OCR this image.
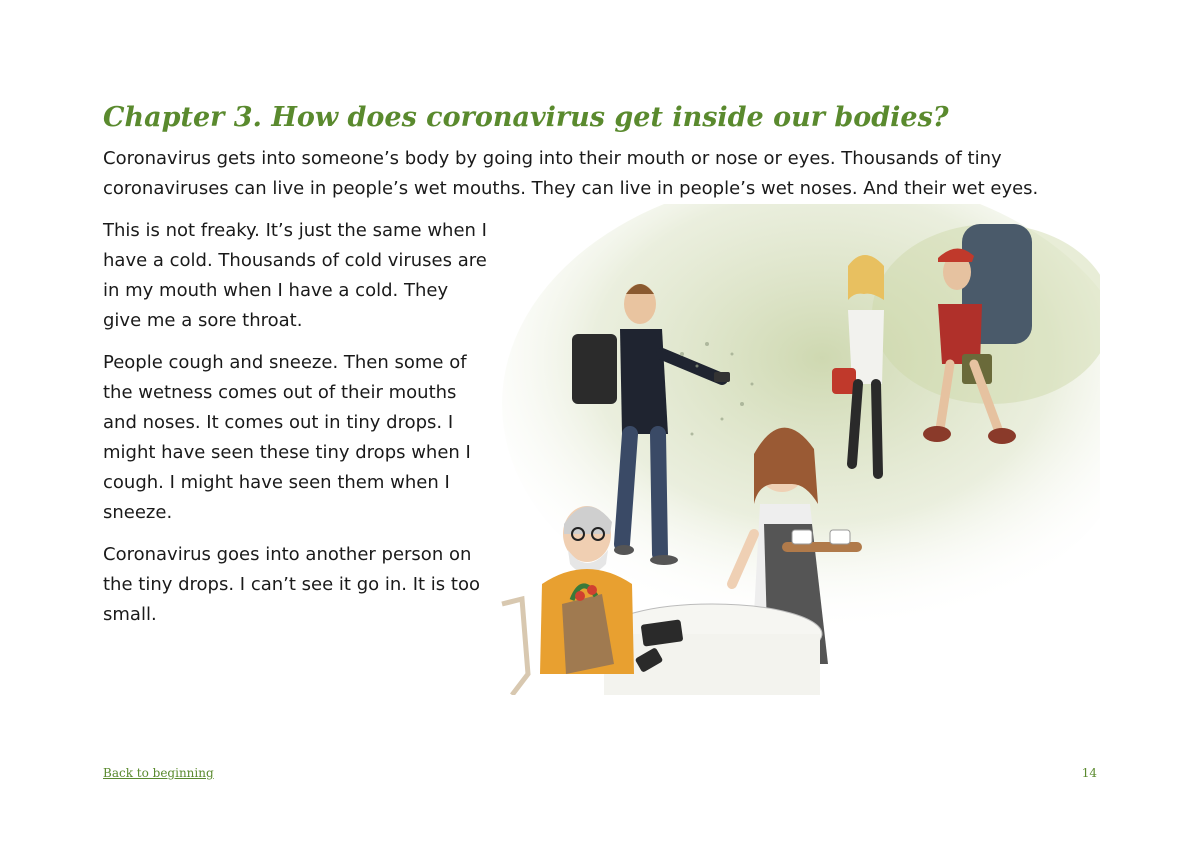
Chapter 3. How does coronavirus get inside our bodies?

Coronavirus gets into someone’s body by going into their mouth or nose or eyes. Thousands of tiny coronaviruses can live in people’s wet mouths. They can live in people’s wet noses. And their wet eyes.

This is not freaky. It’s just the same when I have a cold. Thousands of cold viruses are in my mouth when I have a cold. They give me a sore throat.

People cough and sneeze. Then some of the wetness comes out of their mouths and noses. It comes out in tiny drops. I might have seen these tiny drops when I cough. I might have seen them when I sneeze.

Coronavirus goes into another person on the tiny drops. I can’t see it go in. It is too small.

Back to beginning	14
